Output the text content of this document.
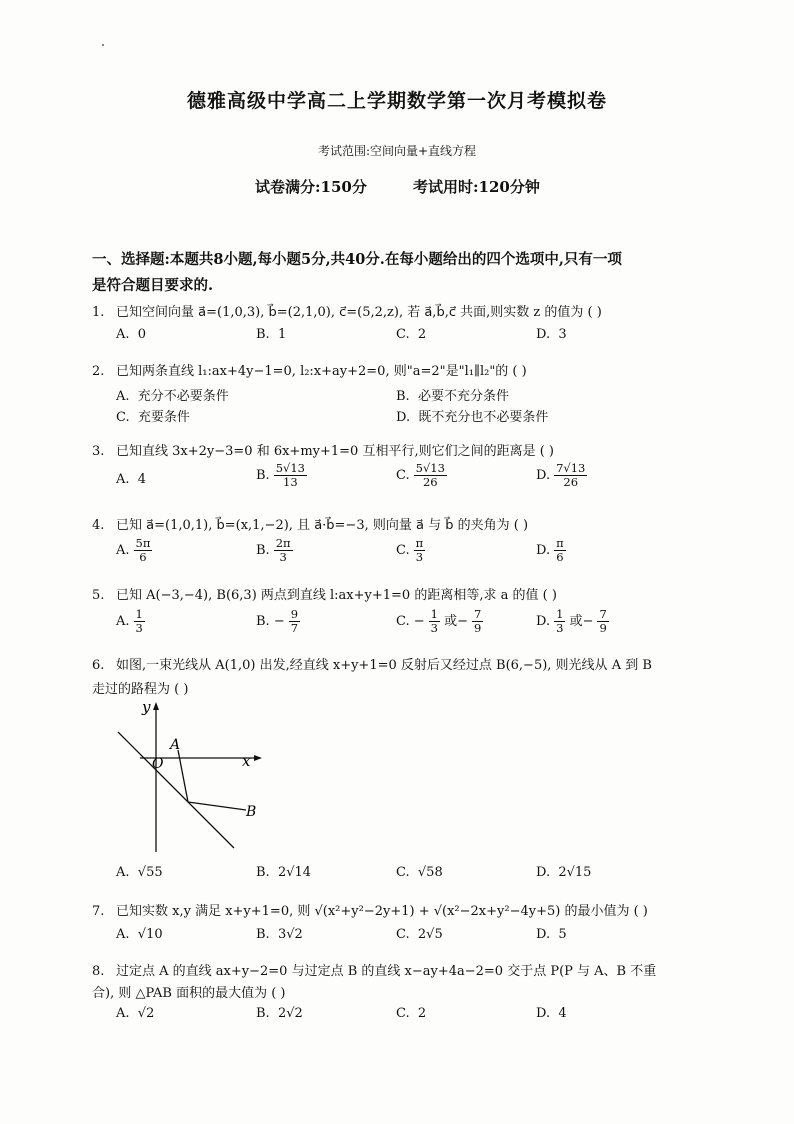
德雅高级中学高二上学期数学第一次月考模拟卷
考试范围:空间向量+直线方程
试卷满分:150分	考试用时:120分钟
一、选择题:本题共8小题,每小题5分,共40分.在每小题给出的四个选项中,只有一项
是符合题目要求的.
1. 已知空间向量 a⃗=(1,0,3), b⃗=(2,1,0), c⃗=(5,2,z), 若 a⃗,b⃗,c⃗ 共面,则实数 z 的值为 ( )
A. 0	B. 1	C. 2	D. 3
2. 已知两条直线 l₁:ax+4y−1=0, l₂:x+ay+2=0, 则"a=2"是"l₁∥l₂"的 ( )
A. 充分不必要条件	B. 必要不充分条件
C. 充要条件	D. 既不充分也不必要条件
3. 已知直线 3x+2y−3=0 和 6x+my+1=0 互相平行,则它们之间的距离是 ( )
A. 4	B. $\frac{5√13}{13}$	C. $\frac{5√13}{26}$	D. $\frac{7√13}{26}$
4. 已知 a⃗=(1,0,1), b⃗=(x,1,−2), 且 a⃗·b⃗=−3, 则向量 a⃗ 与 b⃗ 的夹角为 ( )
A. $\frac{5\pi}{6}$	B. $\frac{2\pi}{3}$	C. $\frac{\pi}{3}$	D. $\frac{\pi}{6}$
5. 已知 A(−3,−4), B(6,3) 两点到直线 l:ax+y+1=0 的距离相等,求 a 的值 ( )
A. $\frac{1}{3}$	B. − $\frac{9}{7}$	C. − $\frac{1}{3}$ 或− $\frac{7}{9}$	D. $\frac{1}{3}$ 或− $\frac{7}{9}$
6. 如图,一束光线从 A(1,0) 出发,经直线 x+y+1=0 反射后又经过点 B(6,−5), 则光线从 A 到 B
走过的路程为 ( )
y
x
O
A
B
A. √55	B. 2√14	C. √58	D. 2√15
7. 已知实数 x,y 满足 x+y+1=0, 则 √(x²+y²−2y+1) + √(x²−2x+y²−4y+5) 的最小值为 ( )
A. √10	B. 3√2	C. 2√5	D. 5
8. 过定点 A 的直线 ax+y−2=0 与过定点 B 的直线 x−ay+4a−2=0 交于点 P(P 与 A、B 不重
合), 则 △PAB 面积的最大值为 ( )
A. √2	B. 2√2	C. 2	D. 4
